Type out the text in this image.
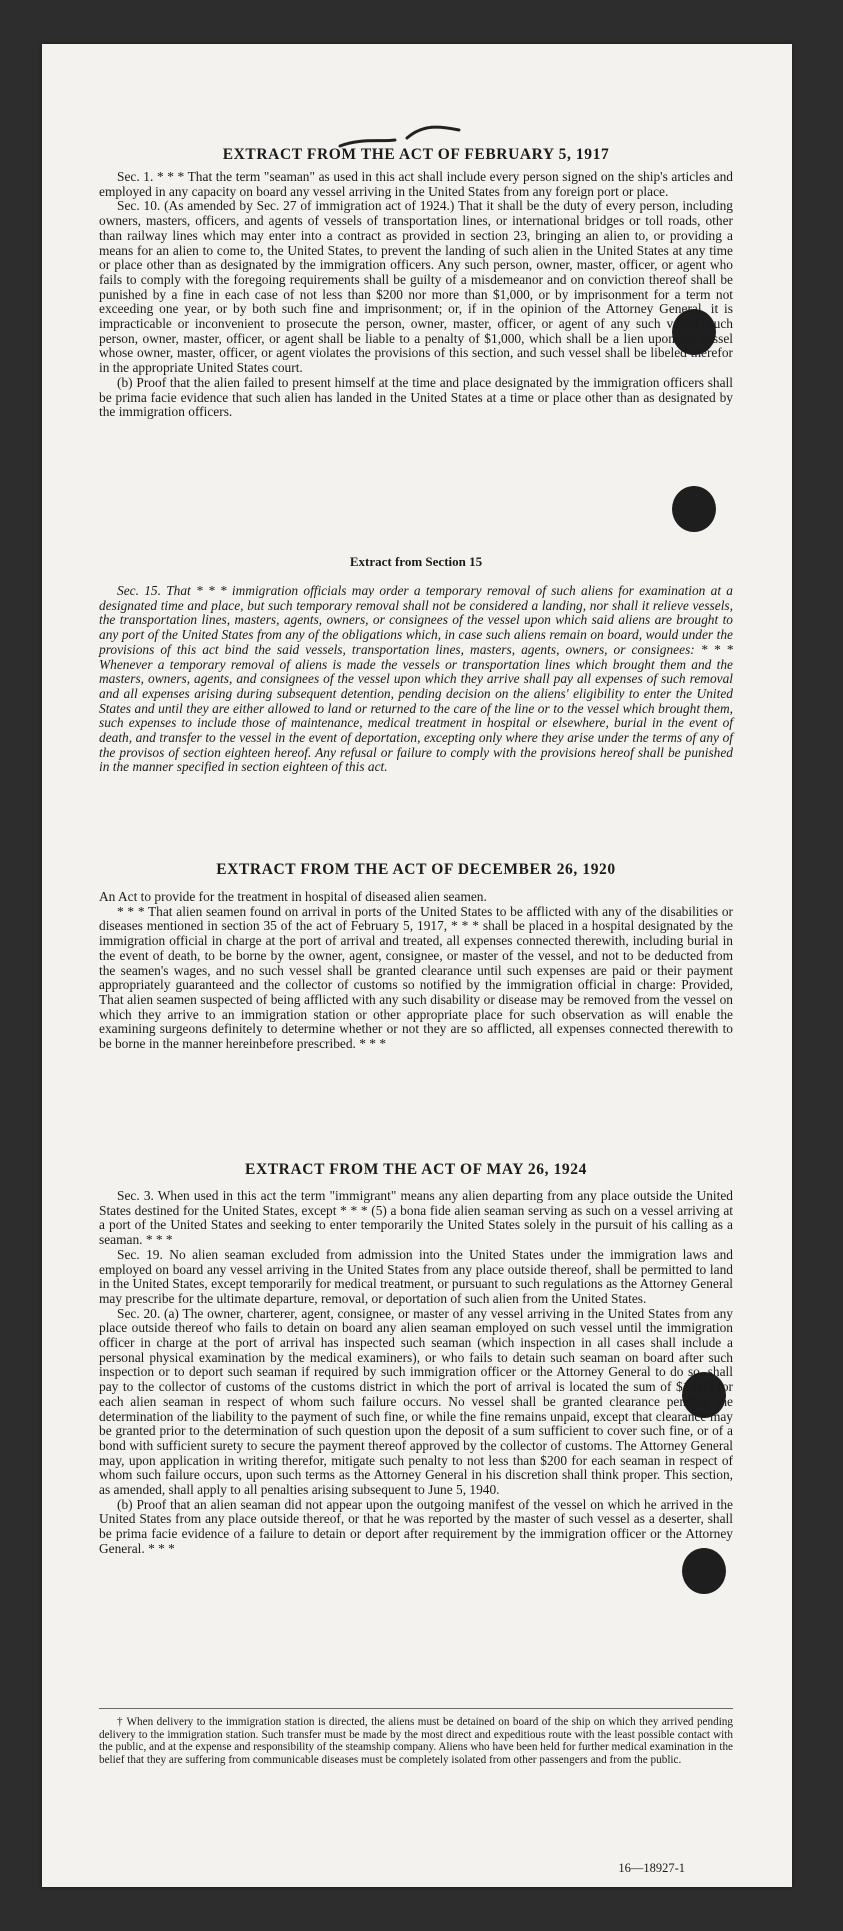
EXTRACT FROM THE ACT OF FEBRUARY 5, 1917

Sec. 1. * * * That the term "seaman" as used in this act shall include every person signed on the ship's articles and employed in any capacity on board any vessel arriving in the United States from any foreign port or place.

Sec. 10. (As amended by Sec. 27 of immigration act of 1924.) That it shall be the duty of every person, including owners, masters, officers, and agents of vessels of transportation lines, or international bridges or toll roads, other than railway lines which may enter into a contract as provided in section 23, bringing an alien to, or providing a means for an alien to come to, the United States, to prevent the landing of such alien in the United States at any time or place other than as designated by the immigration officers. Any such person, owner, master, officer, or agent who fails to comply with the foregoing requirements shall be guilty of a misdemeanor and on conviction thereof shall be punished by a fine in each case of not less than $200 nor more than $1,000, or by imprisonment for a term not exceeding one year, or by both such fine and imprisonment; or, if in the opinion of the Attorney General, it is impracticable or inconvenient to prosecute the person, owner, master, officer, or agent of any such vessel, such person, owner, master, officer, or agent shall be liable to a penalty of $1,000, which shall be a lien upon the vessel whose owner, master, officer, or agent violates the provisions of this section, and such vessel shall be libeled therefor in the appropriate United States court.

(b) Proof that the alien failed to present himself at the time and place designated by the immigration officers shall be prima facie evidence that such alien has landed in the United States at a time or place other than as designated by the immigration officers.

Extract from Section 15

Sec. 15. That * * * immigration officials may order a temporary removal of such aliens for examination at a designated time and place, but such temporary removal shall not be considered a landing, nor shall it relieve vessels, the transportation lines, masters, agents, owners, or consignees of the vessel upon which said aliens are brought to any port of the United States from any of the obligations which, in case such aliens remain on board, would under the provisions of this act bind the said vessels, transportation lines, masters, agents, owners, or consignees: * * * Whenever a temporary removal of aliens is made the vessels or transportation lines which brought them and the masters, owners, agents, and consignees of the vessel upon which they arrive shall pay all expenses of such removal and all expenses arising during subsequent detention, pending decision on the aliens' eligibility to enter the United States and until they are either allowed to land or returned to the care of the line or to the vessel which brought them, such expenses to include those of maintenance, medical treatment in hospital or elsewhere, burial in the event of death, and transfer to the vessel in the event of deportation, excepting only where they arise under the terms of any of the provisos of section eighteen hereof. Any refusal or failure to comply with the provisions hereof shall be punished in the manner specified in section eighteen of this act.

EXTRACT FROM THE ACT OF DECEMBER 26, 1920

An Act to provide for the treatment in hospital of diseased alien seamen.

* * * That alien seamen found on arrival in ports of the United States to be afflicted with any of the disabilities or diseases mentioned in section 35 of the act of February 5, 1917, * * * shall be placed in a hospital designated by the immigration official in charge at the port of arrival and treated, all expenses connected therewith, including burial in the event of death, to be borne by the owner, agent, consignee, or master of the vessel, and not to be deducted from the seamen's wages, and no such vessel shall be granted clearance until such expenses are paid or their payment appropriately guaranteed and the collector of customs so notified by the immigration official in charge: Provided, That alien seamen suspected of being afflicted with any such disability or disease may be removed from the vessel on which they arrive to an immigration station or other appropriate place for such observation as will enable the examining surgeons definitely to determine whether or not they are so afflicted, all expenses connected therewith to be borne in the manner hereinbefore prescribed. * * *

EXTRACT FROM THE ACT OF MAY 26, 1924

Sec. 3. When used in this act the term "immigrant" means any alien departing from any place outside the United States destined for the United States, except * * * (5) a bona fide alien seaman serving as such on a vessel arriving at a port of the United States and seeking to enter temporarily the United States solely in the pursuit of his calling as a seaman. * * *

Sec. 19. No alien seaman excluded from admission into the United States under the immigration laws and employed on board any vessel arriving in the United States from any place outside thereof, shall be permitted to land in the United States, except temporarily for medical treatment, or pursuant to such regulations as the Attorney General may prescribe for the ultimate departure, removal, or deportation of such alien from the United States.

Sec. 20. (a) The owner, charterer, agent, consignee, or master of any vessel arriving in the United States from any place outside thereof who fails to detain on board any alien seaman employed on such vessel until the immigration officer in charge at the port of arrival has inspected such seaman (which inspection in all cases shall include a personal physical examination by the medical examiners), or who fails to detain such seaman on board after such inspection or to deport such seaman if required by such immigration officer or the Attorney General to do so, shall pay to the collector of customs of the customs district in which the port of arrival is located the sum of $1,000 for each alien seaman in respect of whom such failure occurs. No vessel shall be granted clearance pending the determination of the liability to the payment of such fine, or while the fine remains unpaid, except that clearance may be granted prior to the determination of such question upon the deposit of a sum sufficient to cover such fine, or of a bond with sufficient surety to secure the payment thereof approved by the collector of customs. The Attorney General may, upon application in writing therefor, mitigate such penalty to not less than $200 for each seaman in respect of whom such failure occurs, upon such terms as the Attorney General in his discretion shall think proper. This section, as amended, shall apply to all penalties arising subsequent to June 5, 1940.

(b) Proof that an alien seaman did not appear upon the outgoing manifest of the vessel on which he arrived in the United States from any place outside thereof, or that he was reported by the master of such vessel as a deserter, shall be prima facie evidence of a failure to detain or deport after requirement by the immigration officer or the Attorney General. * * *

† When delivery to the immigration station is directed, the aliens must be detained on board of the ship on which they arrived pending delivery to the immigration station. Such transfer must be made by the most direct and expeditious route with the least possible contact with the public, and at the expense and responsibility of the steamship company. Aliens who have been held for further medical examination in the belief that they are suffering from communicable diseases must be completely isolated from other passengers and from the public.

16—18927-1
